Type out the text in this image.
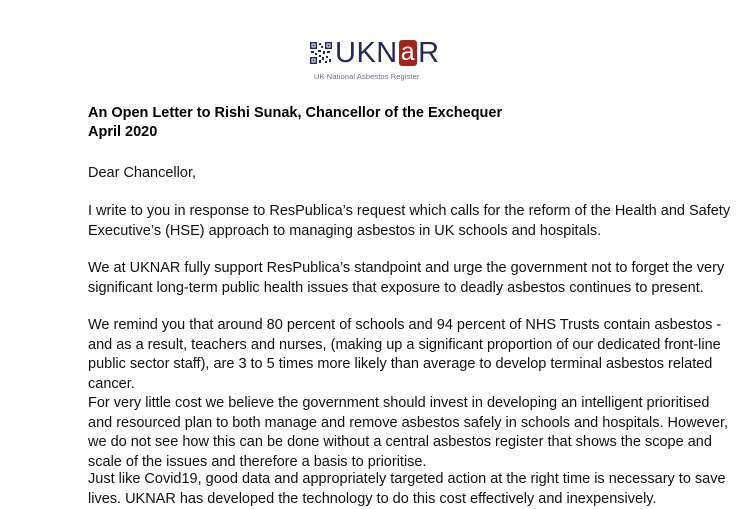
UKN a R
UK National Asbestos Register
An Open Letter to Rishi Sunak, Chancellor of the Exchequer
April 2020

Dear Chancellor,

I write to you in response to ResPublica’s request which calls for the reform of the Health and Safety
Executive’s (HSE) approach to managing asbestos in UK schools and hospitals.

We at UKNAR fully support ResPublica’s standpoint and urge the government not to forget the very
significant long-term public health issues that exposure to deadly asbestos continues to present.

We remind you that around 80 percent of schools and 94 percent of NHS Trusts contain asbestos -
and as a result, teachers and nurses, (making up a significant proportion of our dedicated front-line
public sector staff), are 3 to 5 times more likely than average to develop terminal asbestos related
cancer.

For very little cost we believe the government should invest in developing an intelligent prioritised
and resourced plan to both manage and remove asbestos safely in schools and hospitals. However,
we do not see how this can be done without a central asbestos register that shows the scope and
scale of the issues and therefore a basis to prioritise.

Just like Covid19, good data and appropriately targeted action at the right time is necessary to save
lives. UKNAR has developed the technology to do this cost effectively and inexpensively.
